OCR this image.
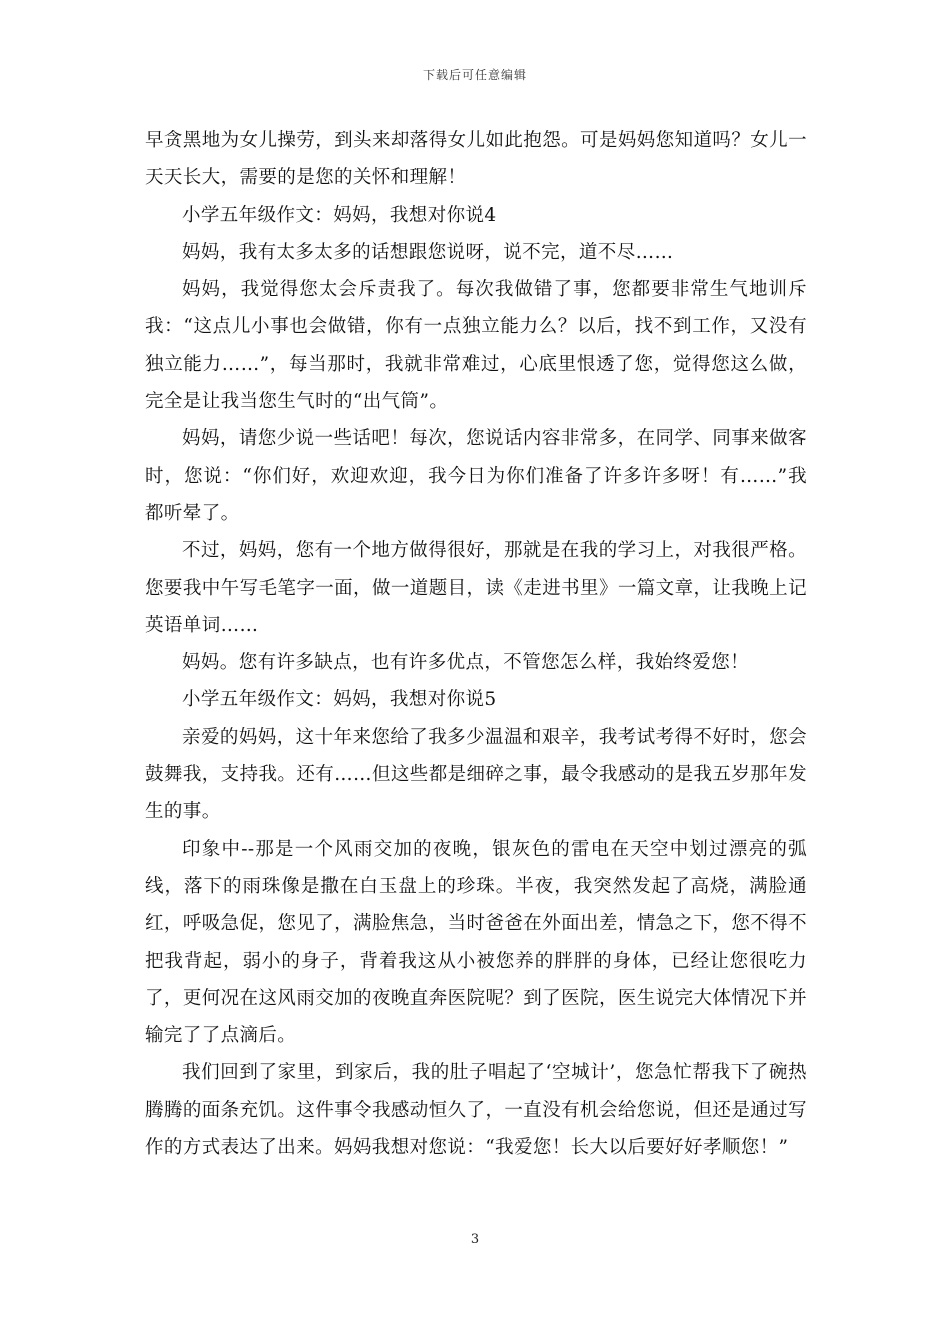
下载后可任意编辑

早贪黑地为女儿操劳，到头来却落得女儿如此抱怨。可是妈妈您知道吗？女儿一天天长大，需要的是您的关怀和理解！

小学五年级作文：妈妈，我想对你说4

妈妈，我有太多太多的话想跟您说呀，说不完，道不尽……

妈妈，我觉得您太会斥责我了。每次我做错了事，您都要非常生气地训斥我：“这点儿小事也会做错，你有一点独立能力么？以后，找不到工作，又没有独立能力……”，每当那时，我就非常难过，心底里恨透了您，觉得您这么做，完全是让我当您生气时的“出气筒”。

妈妈，请您少说一些话吧！每次，您说话内容非常多，在同学、同事来做客时，您说：“你们好，欢迎欢迎，我今日为你们准备了许多许多呀！有……”我都听晕了。

不过，妈妈，您有一个地方做得很好，那就是在我的学习上，对我很严格。您要我中午写毛笔字一面，做一道题目，读《走进书里》一篇文章，让我晚上记英语单词……

妈妈。您有许多缺点，也有许多优点，不管您怎么样，我始终爱您！

小学五年级作文：妈妈，我想对你说5

亲爱的妈妈，这十年来您给了我多少温温和艰辛，我考试考得不好时，您会鼓舞我，支持我。还有……但这些都是细碎之事，最令我感动的是我五岁那年发生的事。

印象中--那是一个风雨交加的夜晚，银灰色的雷电在天空中划过漂亮的弧线，落下的雨珠像是撒在白玉盘上的珍珠。半夜，我突然发起了高烧，满脸通红，呼吸急促，您见了，满脸焦急，当时爸爸在外面出差，情急之下，您不得不把我背起，弱小的身子，背着我这从小被您养的胖胖的身体，已经让您很吃力了，更何况在这风雨交加的夜晚直奔医院呢？到了医院，医生说完大体情况下并输完了了点滴后。

我们回到了家里，到家后，我的肚子唱起了‘空城计’，您急忙帮我下了碗热腾腾的面条充饥。这件事令我感动恒久了，一直没有机会给您说，但还是通过写作的方式表达了出来。妈妈我想对您说：“我爱您！长大以后要好好孝顺您！”

3
